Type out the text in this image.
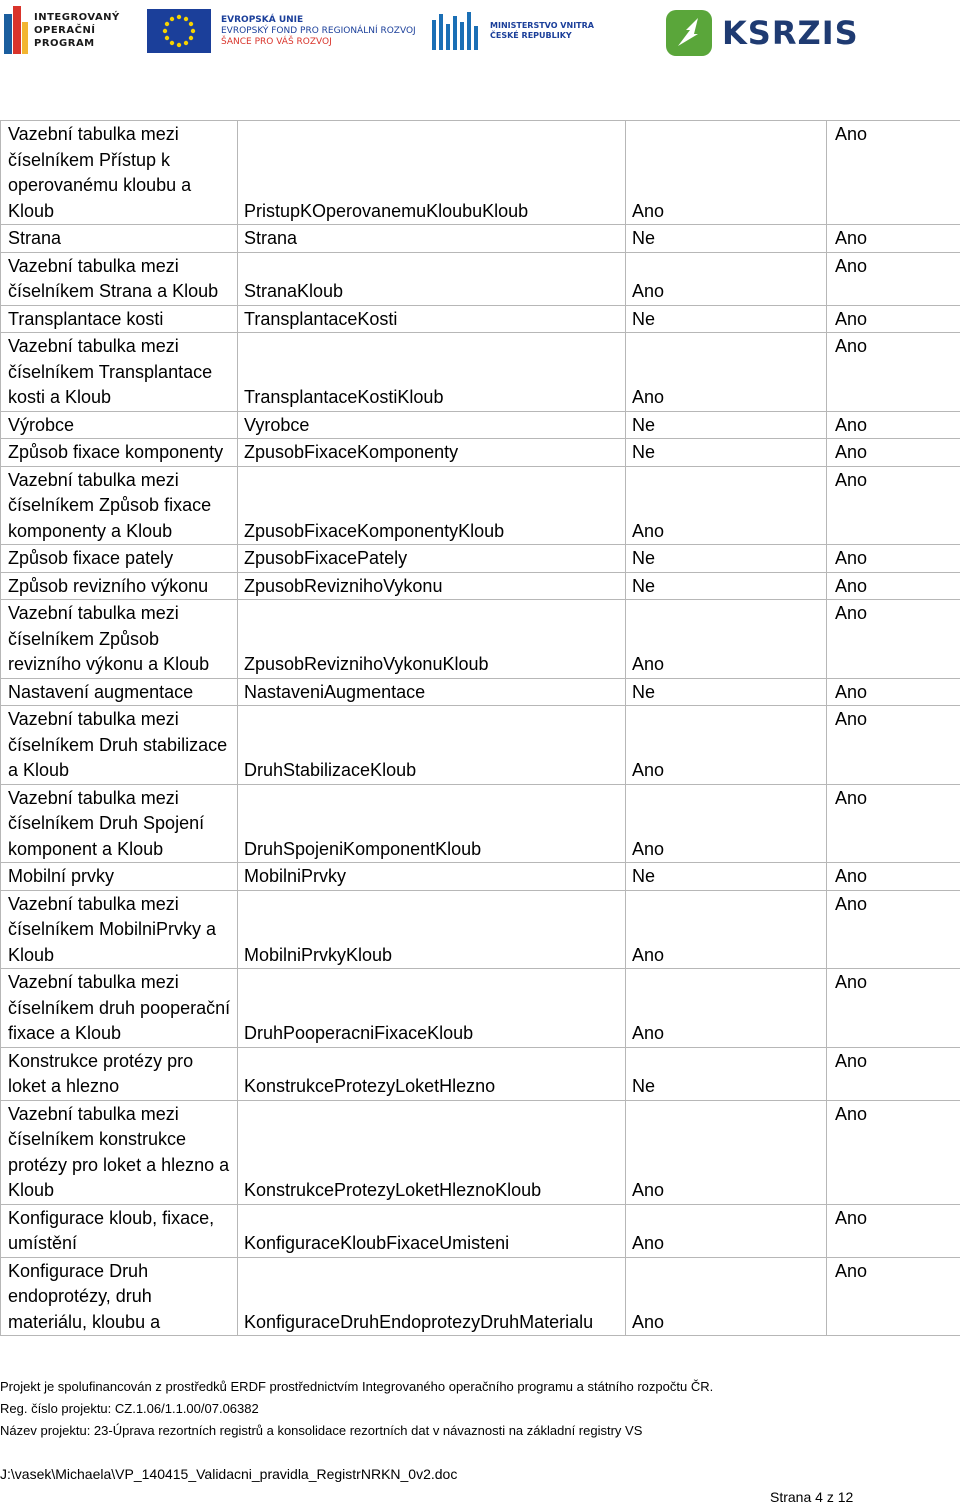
INTEGROVANÝ
OPERAČNÍ
PROGRAM
EVROPSKÁ UNIE
EVROPSKÝ FOND PRO REGIONÁLNÍ ROZVOJ
ŠANCE PRO VÁŠ ROZVOJ
MINISTERSTVO VNITRA
ČESKÉ REPUBLIKY	KSRZIS
Vazební tabulka mezi číselníkem Přístup k operovanému kloubu a Kloub	PristupKOperovanemuKloubuKloub	Ano	Ano
Strana	Strana	Ne	Ano
Vazební tabulka mezi číselníkem Strana a Kloub	StranaKloub	Ano	Ano
Transplantace kosti	TransplantaceKosti	Ne	Ano
Vazební tabulka mezi číselníkem Transplantace kosti a Kloub	TransplantaceKostiKloub	Ano	Ano
Výrobce	Vyrobce	Ne	Ano
Způsob fixace komponenty	ZpusobFixaceKomponenty	Ne	Ano
Vazební tabulka mezi číselníkem Způsob fixace komponenty a Kloub	ZpusobFixaceKomponentyKloub	Ano	Ano
Způsob fixace pately	ZpusobFixacePately	Ne	Ano
Způsob revizního výkonu	ZpusobReviznihoVykonu	Ne	Ano
Vazební tabulka mezi číselníkem Způsob revizního výkonu a Kloub	ZpusobReviznihoVykonuKloub	Ano	Ano
Nastavení augmentace	NastaveniAugmentace	Ne	Ano
Vazební tabulka mezi číselníkem Druh stabilizace a Kloub	DruhStabilizaceKloub	Ano	Ano
Vazební tabulka mezi číselníkem Druh Spojení komponent a Kloub	DruhSpojeniKomponentKloub	Ano	Ano
Mobilní prvky	MobilniPrvky	Ne	Ano
Vazební tabulka mezi číselníkem MobilniPrvky a Kloub	MobilniPrvkyKloub	Ano	Ano
Vazební tabulka mezi číselníkem druh pooperační fixace a Kloub	DruhPooperacniFixaceKloub	Ano	Ano
Konstrukce protézy pro loket a hlezno	KonstrukceProtezyLoketHlezno	Ne	Ano
Vazební tabulka mezi číselníkem konstrukce protézy pro loket a hlezno a Kloub	KonstrukceProtezyLoketHleznoKloub	Ano	Ano
Konfigurace kloub, fixace, umístění	KonfiguraceKloubFixaceUmisteni	Ano	Ano
Konfigurace Druh endoprotézy, druh materiálu, kloubu a	KonfiguraceDruhEndoprotezyDruhMaterialu	Ano	Ano
Projekt je spolufinancován z prostředků ERDF prostřednictvím Integrovaného operačního programu a státního rozpočtu ČR.
Reg. číslo projektu: CZ.1.06/1.1.00/07.06382
Název projektu: 23-Úprava rezortních registrů a konsolidace rezortních dat v návaznosti na základní registry VS
J:\vasek\Michaela\VP_140415_Validacni_pravidla_RegistrNRKN_0v2.doc
Strana 4 z 12
